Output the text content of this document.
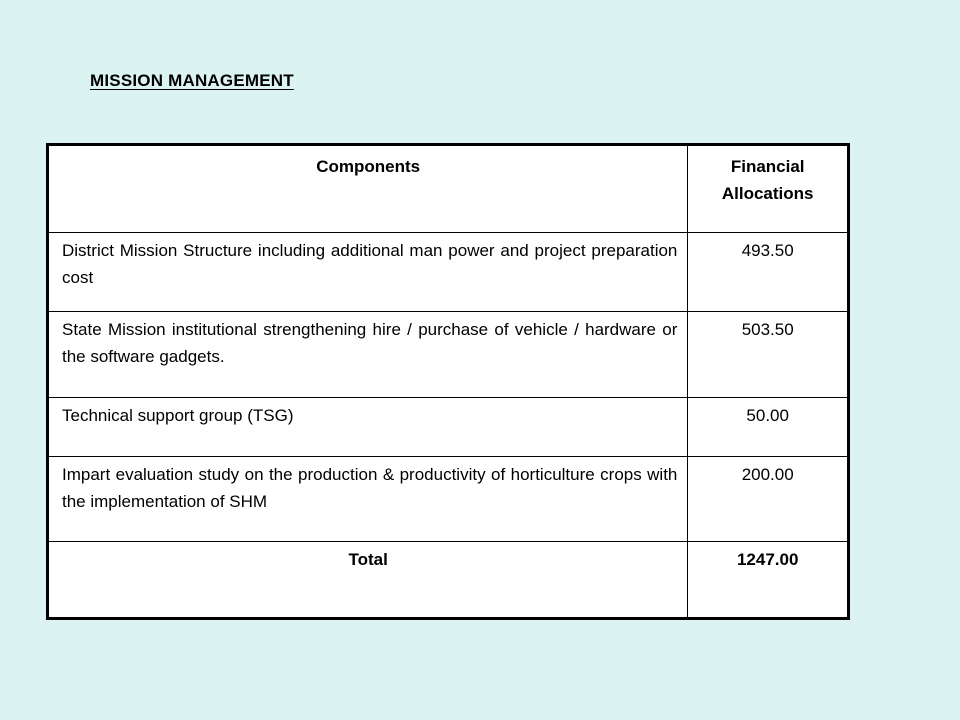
MISSION MANAGEMENT
Components	Financial Allocations
District Mission Structure including additional man power and project preparation cost	493.50
State Mission institutional strengthening hire / purchase of vehicle / hardware or the software gadgets.	503.50
Technical support group (TSG)	50.00
Impart evaluation study on the production & productivity of horticulture crops with the implementation of SHM	200.00
Total	1247.00
